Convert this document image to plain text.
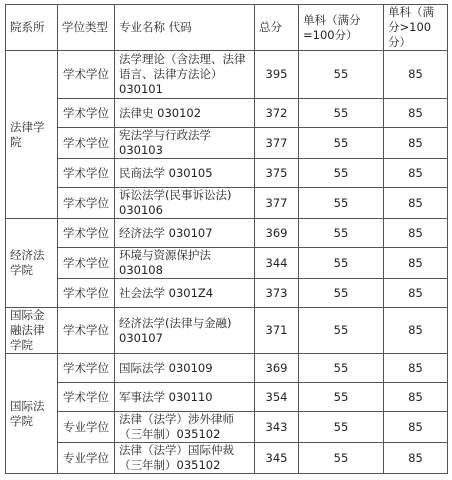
院系所	学位类型	专业名称 代码	总分	单科（满分=100分）	单科（满分>100分）
法律学院	学术学位	法学理论（含法理、法律语言、法律方法论）030101	395	55	85
	学术学位	法律史 030102	372	55	85
	学术学位	宪法学与行政法学 030103	377	55	85
	学术学位	民商法学 030105	375	55	85
	学术学位	诉讼法学(民事诉讼法) 030106	377	55	85
经济法学院	学术学位	经济法学 030107	369	55	85
	学术学位	环境与资源保护法 030108	344	55	85
	学术学位	社会法学 0301Z4	373	55	85
国际金融法律学院	学术学位	经济法学(法律与金融) 030107	371	55	85
国际法学院	学术学位	国际法学 030109	369	55	85
	学术学位	军事法学 030110	354	55	85
	专业学位	法律（法学）涉外律师（三年制）035102	343	55	85
	专业学位	法律（法学）国际仲裁（三年制）035102	345	55	85
